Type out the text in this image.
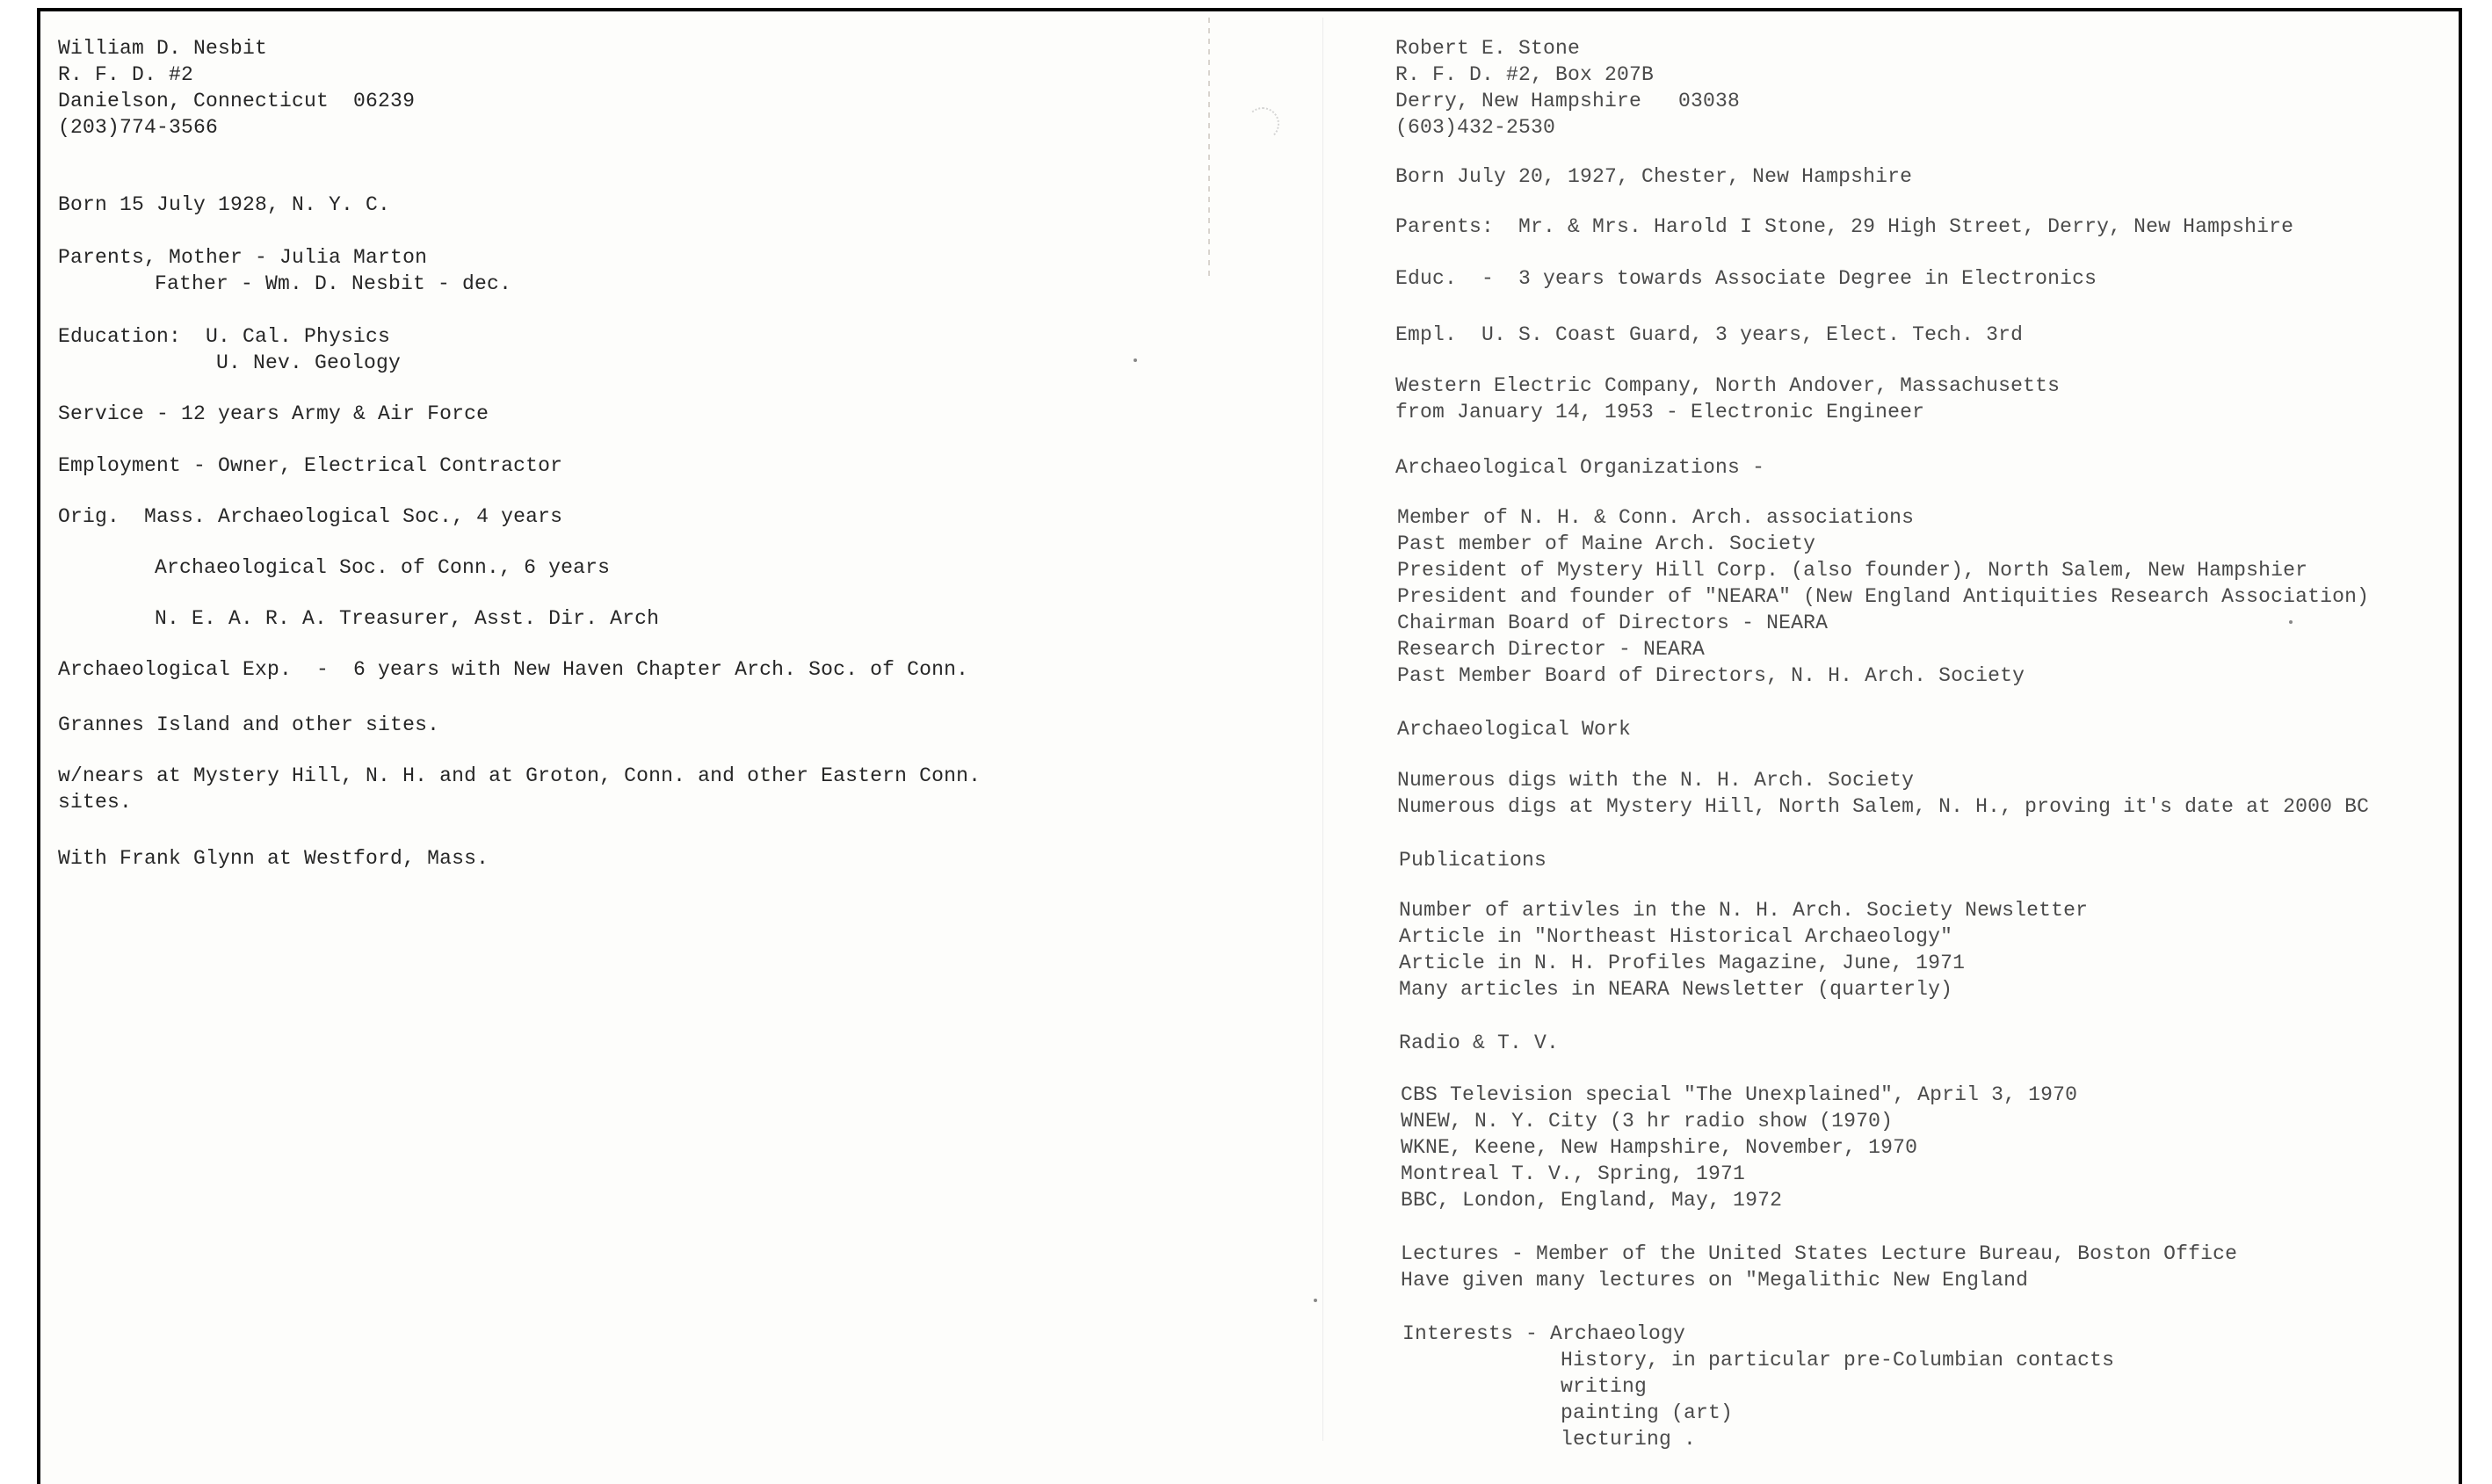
William D. Nesbit
R. F. D. #2
Danielson, Connecticut  06239
(203)774-3566
Born 15 July 1928, N. Y. C.
Parents, Mother - Julia Marton
Father - Wm. D. Nesbit - dec.
Education:  U. Cal. Physics
U. Nev. Geology
Service - 12 years Army & Air Force
Employment - Owner, Electrical Contractor
Orig.  Mass. Archaeological Soc., 4 years
Archaeological Soc. of Conn., 6 years
N. E. A. R. A. Treasurer, Asst. Dir. Arch
Archaeological Exp.  -  6 years with New Haven Chapter Arch. Soc. of Conn.
Grannes Island and other sites.
w/nears at Mystery Hill, N. H. and at Groton, Conn. and other Eastern Conn.
sites.
With Frank Glynn at Westford, Mass.
Robert E. Stone
R. F. D. #2, Box 207B
Derry, New Hampshire   03038
(603)432-2530
Born July 20, 1927, Chester, New Hampshire
Parents:  Mr. & Mrs. Harold I Stone, 29 High Street, Derry, New Hampshire
Educ.  -  3 years towards Associate Degree in Electronics
Empl.  U. S. Coast Guard, 3 years, Elect. Tech. 3rd
Western Electric Company, North Andover, Massachusetts
from January 14, 1953 - Electronic Engineer
Archaeological Organizations -
Member of N. H. & Conn. Arch. associations
Past member of Maine Arch. Society
President of Mystery Hill Corp. (also founder), North Salem, New Hampshier
President and founder of "NEARA" (New England Antiquities Research Association)
Chairman Board of Directors - NEARA
Research Director - NEARA
Past Member Board of Directors, N. H. Arch. Society
Archaeological Work
Numerous digs with the N. H. Arch. Society
Numerous digs at Mystery Hill, North Salem, N. H., proving it's date at 2000 BC
Publications
Number of artivles in the N. H. Arch. Society Newsletter
Article in "Northeast Historical Archaeology"
Article in N. H. Profiles Magazine, June, 1971
Many articles in NEARA Newsletter (quarterly)
Radio & T. V.
CBS Television special "The Unexplained", April 3, 1970
WNEW, N. Y. City (3 hr radio show (1970)
WKNE, Keene, New Hampshire, November, 1970
Montreal T. V., Spring, 1971
BBC, London, England, May, 1972
Lectures - Member of the United States Lecture Bureau, Boston Office
Have given many lectures on "Megalithic New England
Interests - Archaeology
History, in particular pre-Columbian contacts
writing
painting (art)
lecturing .
